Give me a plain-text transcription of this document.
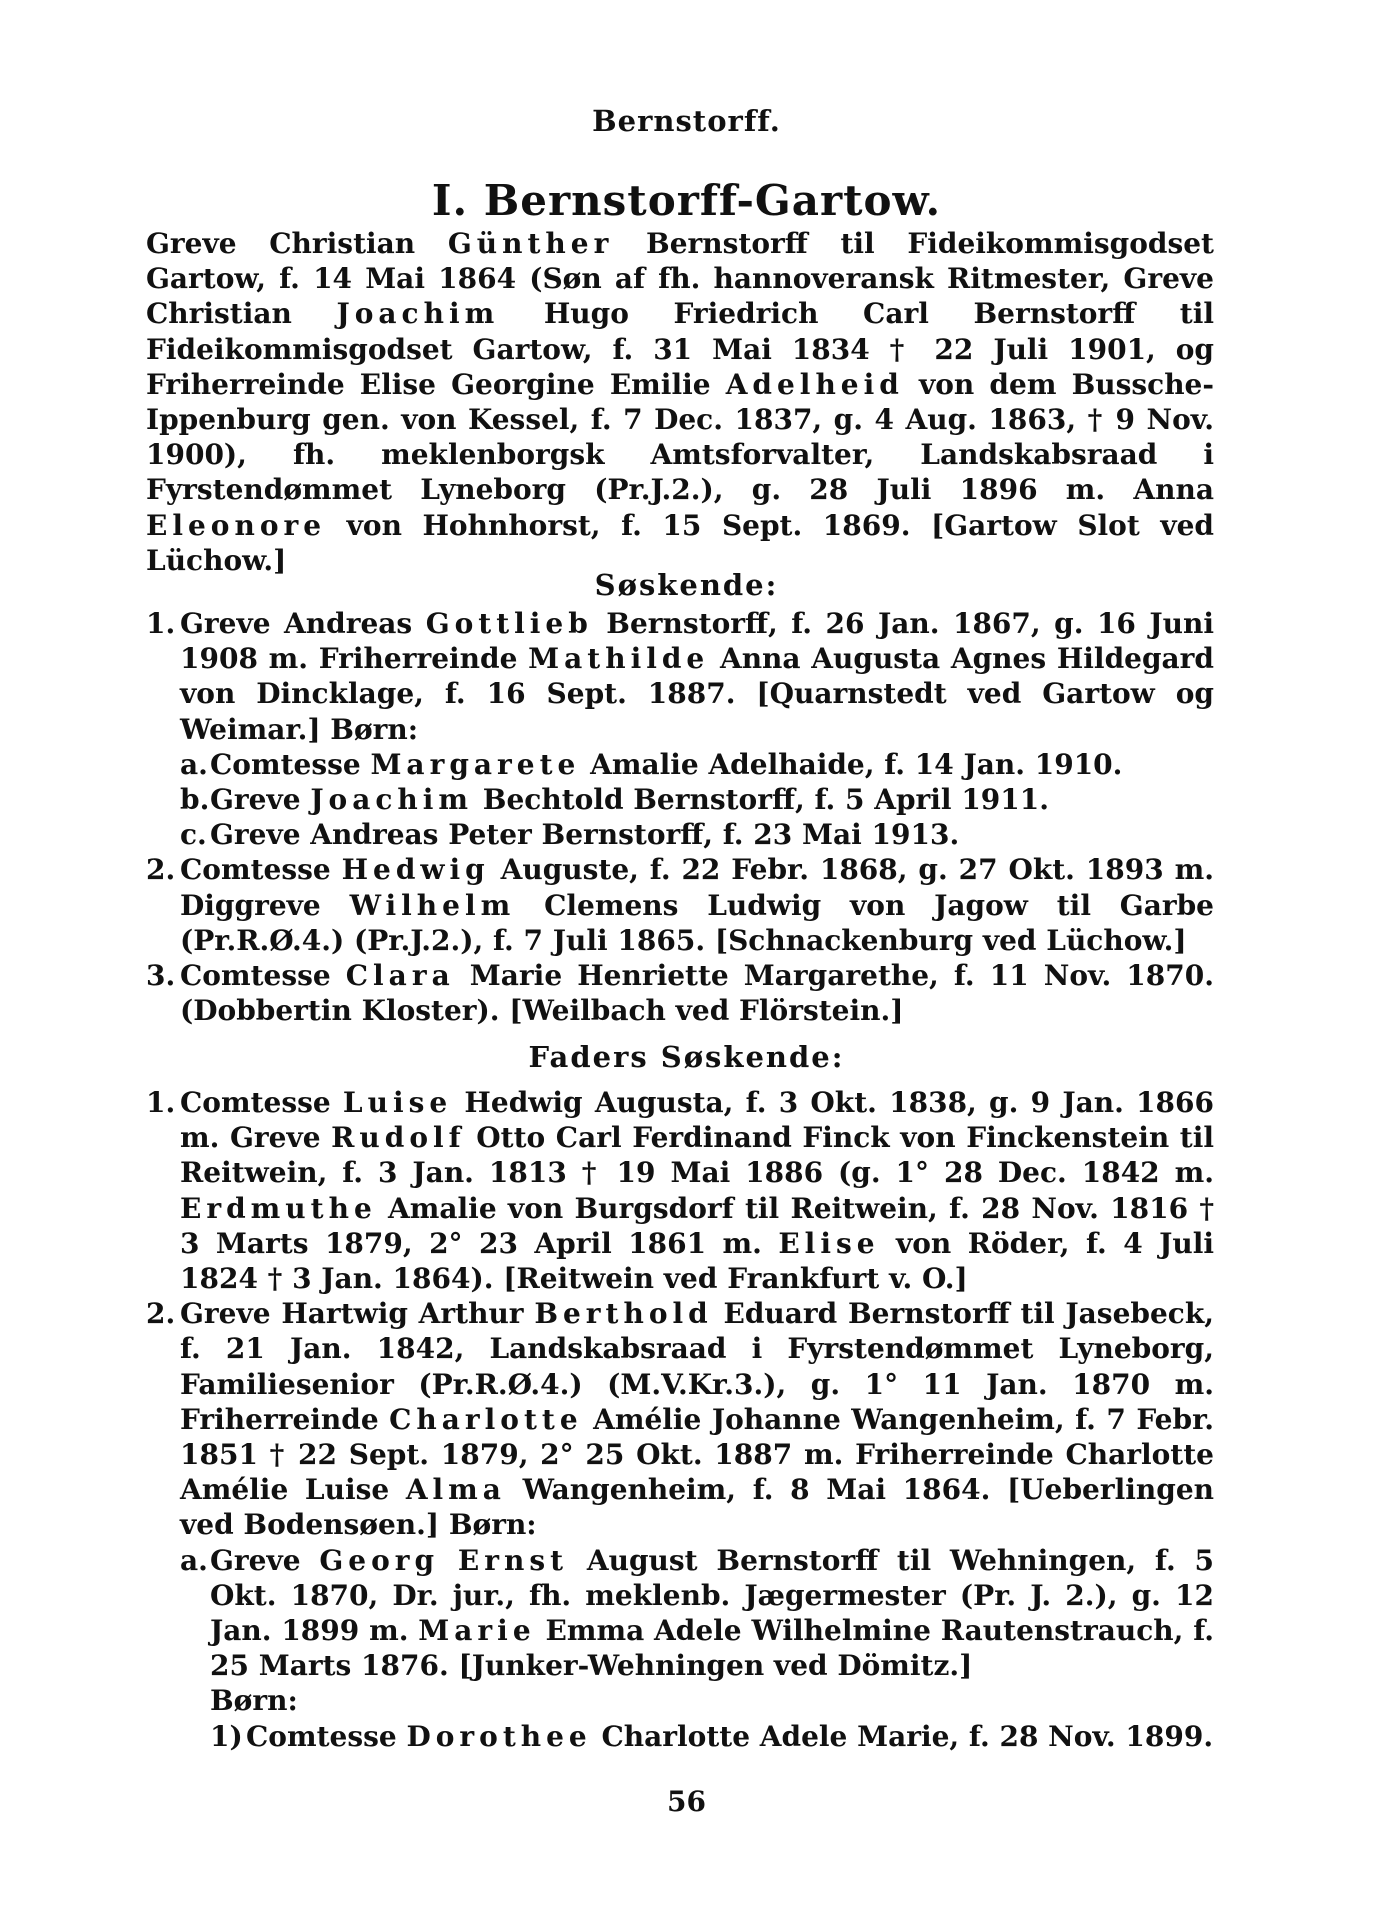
Bernstorff.
I. Bernstorff-Gartow.

Greve Christian Günther Bernstorff til Fideikommisgodset Gartow, f. 14 Mai 1864 (Søn af fh. hannoveransk Ritmester, Greve Christian Joachim Hugo Friedrich Carl Bernstorff til Fideikommisgodset Gartow, f. 31 Mai 1834 † 22 Juli 1901, og Friherreinde Elise Georgine Emilie Adelheid von dem Bussche-Ippenburg gen. von Kessel, f. 7 Dec. 1837, g. 4 Aug. 1863, † 9 Nov. 1900), fh. meklenborgsk Amtsforvalter, Landskabsraad i Fyrstendømmet Lyneborg (Pr.J.2.), g. 28 Juli 1896 m. Anna Eleonore von Hohnhorst, f. 15 Sept. 1869. [Gartow Slot ved Lüchow.]

Søskende:
1. Greve Andreas Gottlieb Bernstorff, f. 26 Jan. 1867, g. 16 Juni 1908 m. Friherreinde Mathilde Anna Augusta Agnes Hildegard von Dincklage, f. 16 Sept. 1887. [Quarnstedt ved Gartow og Weimar.] Børn:
a. Comtesse Margarete Amalie Adelhaide, f. 14 Jan. 1910.
b. Greve Joachim Bechtold Bernstorff, f. 5 April 1911.
c. Greve Andreas Peter Bernstorff, f. 23 Mai 1913.
2. Comtesse Hedwig Auguste, f. 22 Febr. 1868, g. 27 Okt. 1893 m. Diggreve Wilhelm Clemens Ludwig von Jagow til Garbe (Pr.R.Ø.4.) (Pr.J.2.), f. 7 Juli 1865. [Schnackenburg ved Lüchow.]
3. Comtesse Clara Marie Henriette Margarethe, f. 11 Nov. 1870. (Dobbertin Kloster). [Weilbach ved Flörstein.]
Faders Søskende:
1. Comtesse Luise Hedwig Augusta, f. 3 Okt. 1838, g. 9 Jan. 1866 m. Greve Rudolf Otto Carl Ferdinand Finck von Finckenstein til Reitwein, f. 3 Jan. 1813 † 19 Mai 1886 (g. 1° 28 Dec. 1842 m. Erdmuthe Amalie von Burgsdorf til Reitwein, f. 28 Nov. 1816 † 3 Marts 1879, 2° 23 April 1861 m. Elise von Röder, f. 4 Juli 1824 † 3 Jan. 1864). [Reitwein ved Frankfurt v. O.]
2. Greve Hartwig Arthur Berthold Eduard Bernstorff til Jasebeck, f. 21 Jan. 1842, Landskabsraad i Fyrstendømmet Lyneborg, Familiesenior (Pr.R.Ø.4.) (M.V.Kr.3.), g. 1° 11 Jan. 1870 m. Friherreinde Charlotte Amélie Johanne Wangenheim, f. 7 Febr. 1851 † 22 Sept. 1879, 2° 25 Okt. 1887 m. Friherreinde Charlotte Amélie Luise Alma Wangenheim, f. 8 Mai 1864. [Ueberlingen ved Bodensøen.] Børn:
a. Greve Georg Ernst August Bernstorff til Wehningen, f. 5 Okt. 1870, Dr. jur., fh. meklenb. Jægermester (Pr. J. 2.), g. 12 Jan. 1899 m. Marie Emma Adele Wilhelmine Rautenstrauch, f. 25 Marts 1876. [Junker-Wehningen ved Dömitz.]
Børn:
1) Comtesse Dorothee Charlotte Adele Marie, f. 28 Nov. 1899.
56
